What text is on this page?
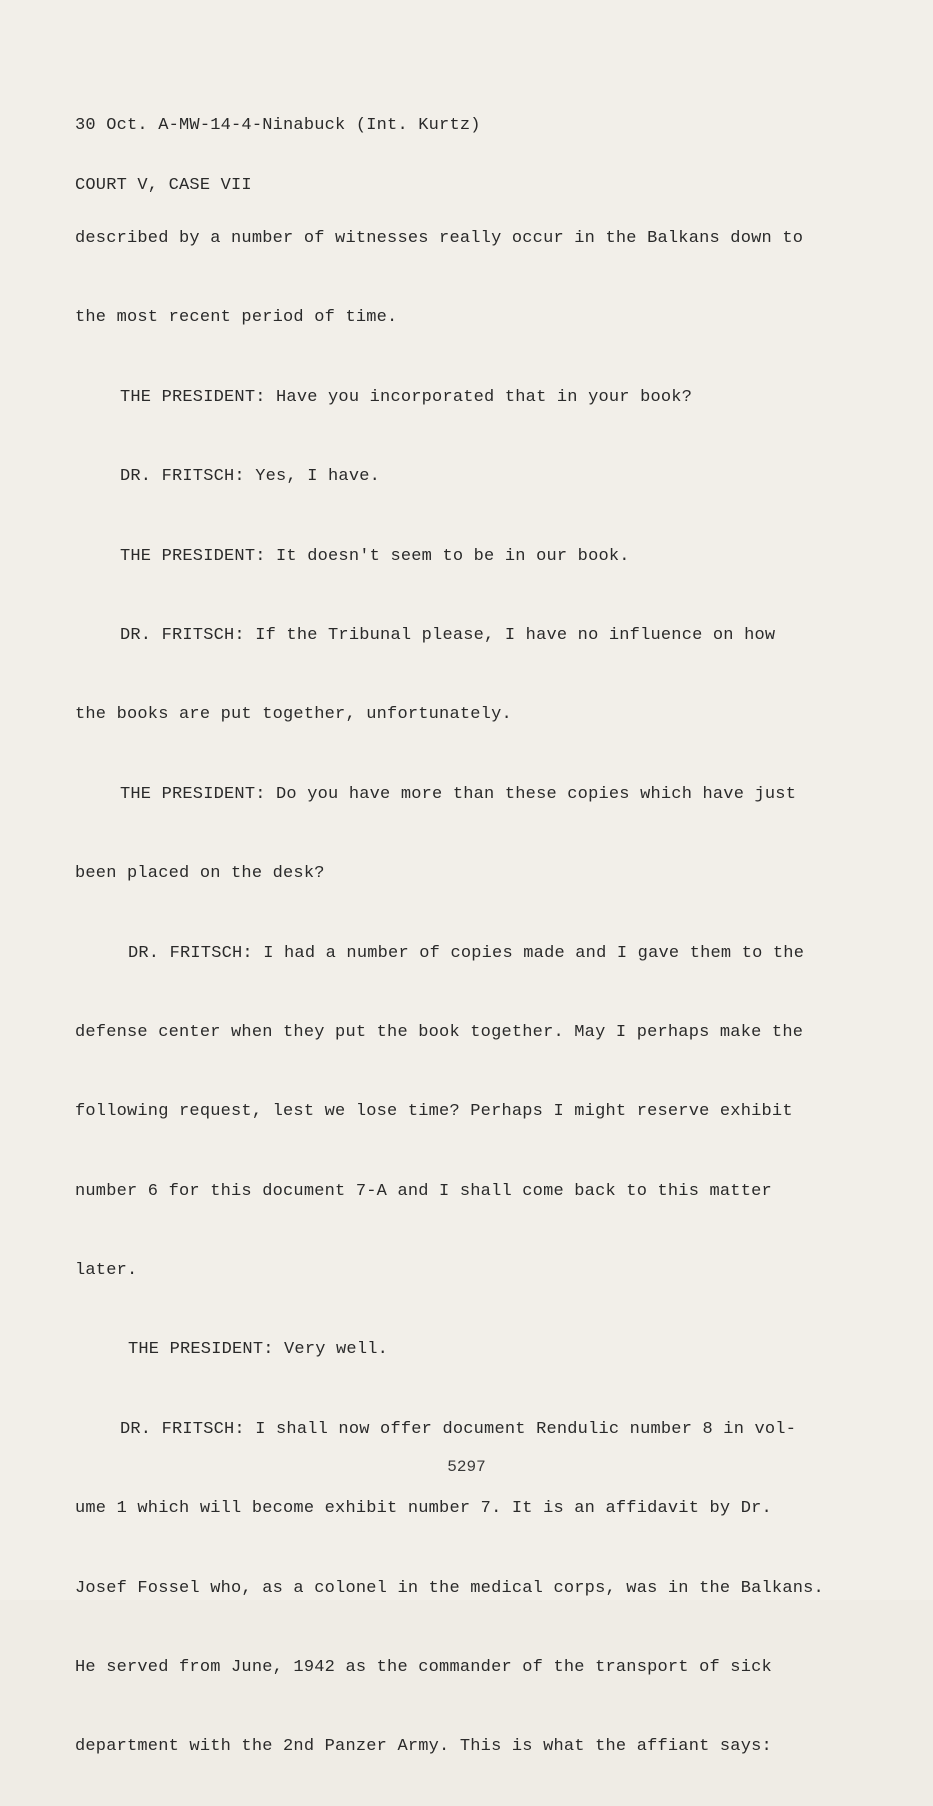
30 Oct. A-MW-14-4-Ninabuck (Int. Kurtz)

COURT V, CASE VII

described by a number of witnesses really occur in the Balkans down to

the most recent period of time.

THE PRESIDENT: Have you incorporated that in your book?

DR. FRITSCH: Yes, I have.

THE PRESIDENT: It doesn't seem to be in our book.

DR. FRITSCH: If the Tribunal please, I have no influence on how

the books are put together, unfortunately.

THE PRESIDENT: Do you have more than these copies which have just

been placed on the desk?

DR. FRITSCH: I had a number of copies made and I gave them to the

defense center when they put the book together. May I perhaps make the

following request, lest we lose time? Perhaps I might reserve exhibit

number 6 for this document 7-A and I shall come back to this matter

later.

THE PRESIDENT: Very well.

DR. FRITSCH: I shall now offer document Rendulic number 8 in vol-

ume 1 which will become exhibit number 7. It is an affidavit by Dr.

Josef Fossel who, as a colonel in the medical corps, was in the Balkans.

He served from June, 1942 as the commander of the transport of sick

department with the 2nd Panzer Army. This is what the affiant says:

5297
